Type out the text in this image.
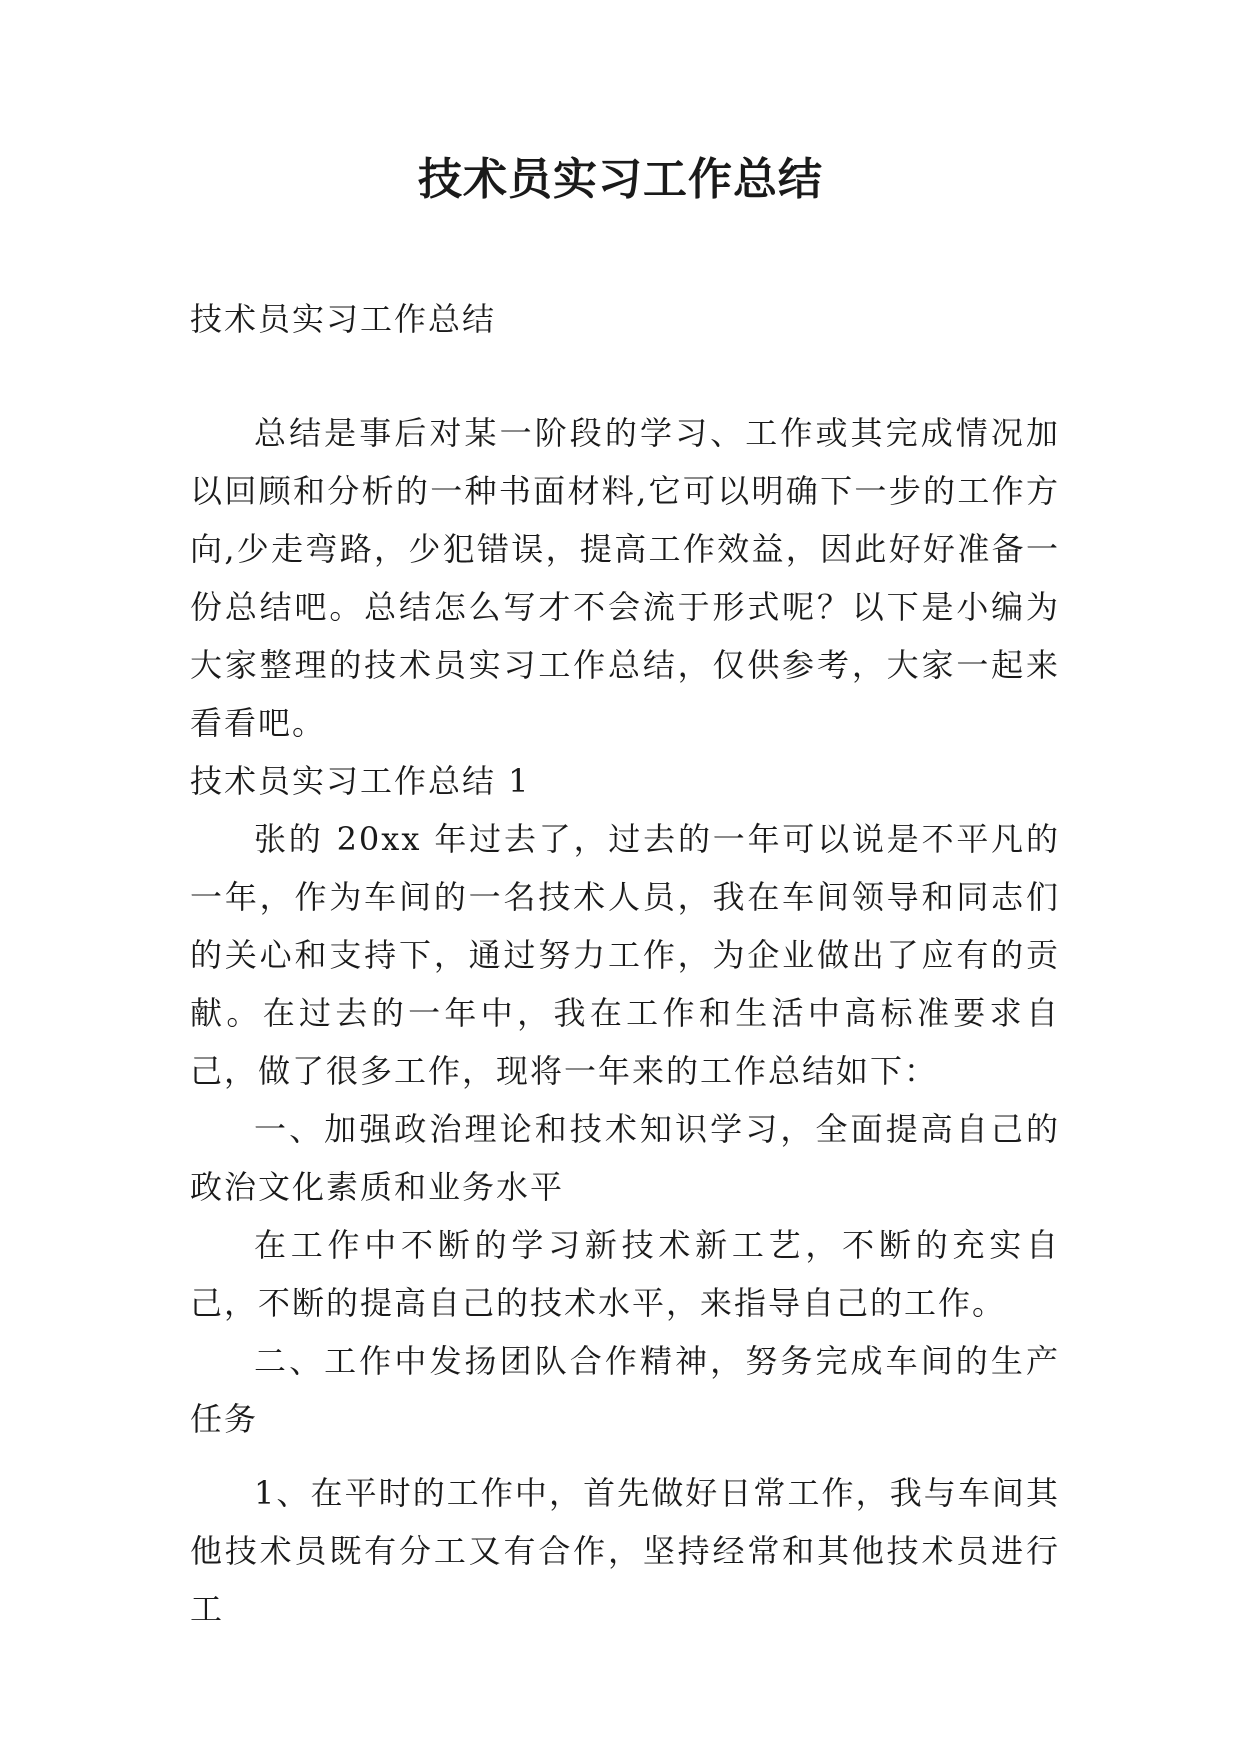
技术员实习工作总结
技术员实习工作总结
总结是事后对某一阶段的学习、工作或其完成情况加以回顾和分析的一种书面材料,它可以明确下一步的工作方向,少走弯路，少犯错误，提高工作效益，因此好好准备一份总结吧。总结怎么写才不会流于形式呢？以下是小编为大家整理的技术员实习工作总结，仅供参考，大家一起来看看吧。
技术员实习工作总结 1

张的 20xx 年过去了，过去的一年可以说是不平凡的一年，作为车间的一名技术人员，我在车间领导和同志们的关心和支持下，通过努力工作，为企业做出了应有的贡献。在过去的一年中，我在工作和生活中高标准要求自己，做了很多工作，现将一年来的工作总结如下：

一、加强政治理论和技术知识学习，全面提高自己的政治文化素质和业务水平

在工作中不断的学习新技术新工艺，不断的充实自己，不断的提高自己的技术水平，来指导自己的工作。

二、工作中发扬团队合作精神，努务完成车间的生产任务

1、在平时的工作中，首先做好日常工作，我与车间其他技术员既有分工又有合作，坚持经常和其他技术员进行工
